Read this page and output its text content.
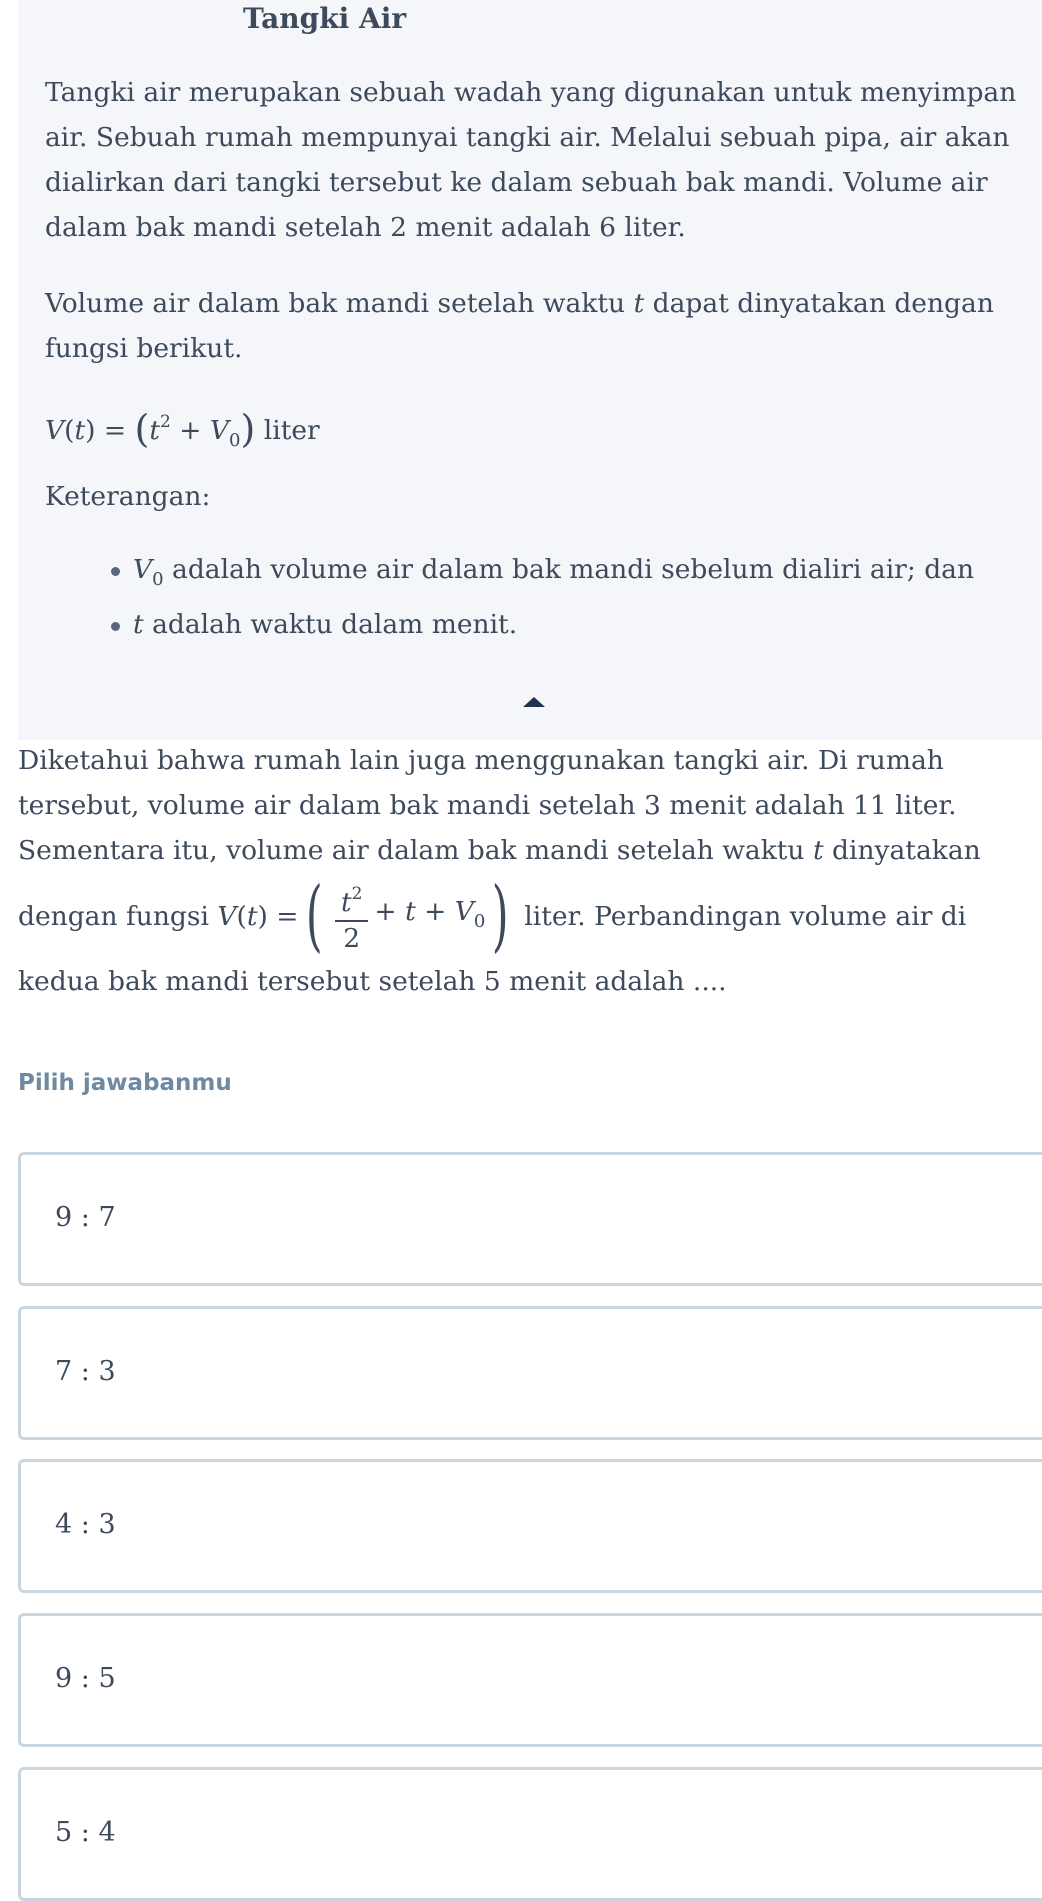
Tangki Air

Tangki air merupakan sebuah wadah yang digunakan untuk menyimpan
air. Sebuah rumah mempunyai tangki air. Melalui sebuah pipa, air akan
dialirkan dari tangki tersebut ke dalam sebuah bak mandi. Volume air
dalam bak mandi setelah 2 menit adalah 6 liter.

Volume air dalam bak mandi setelah waktu t dapat dinyatakan dengan
fungsi berikut.

$V(t) = (t^2 + V_0)$ liter

Keterangan:

$V_0$ adalah volume air dalam bak mandi sebelum dialiri air; dan
t adalah waktu dalam menit.
Diketahui bahwa rumah lain juga menggunakan tangki air. Di rumah
tersebut, volume air dalam bak mandi setelah 3 menit adalah 11 liter.
Sementara itu, volume air dalam bak mandi setelah waktu t dinyatakan
dengan fungsi
V(t) = ( $\frac{t^2}{2} + t + V_0$ )
liter. Perbandingan volume air di
kedua bak mandi tersebut setelah 5 menit adalah ....
Pilih jawabanmu
9 : 7
7 : 3
4 : 3
9 : 5
5 : 4
